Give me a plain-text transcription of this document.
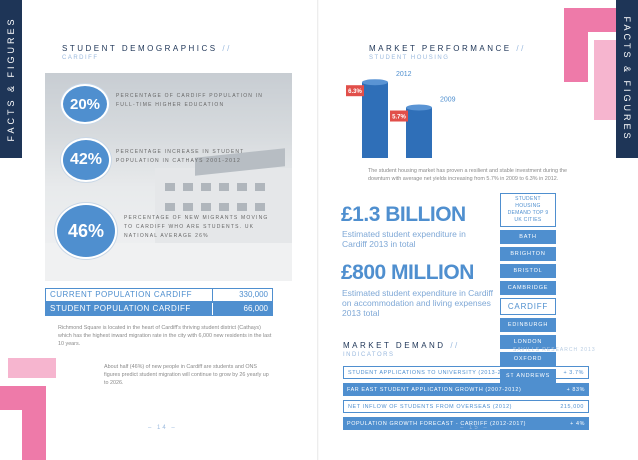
FACTS & FIGURES	STUDENT DEMOGRAPHICS //
CARDIFF
20%	PERCENTAGE OF CARDIFF POPULATION IN FULL-TIME HIGHER EDUCATION
42%	PERCENTAGE INCREASE IN STUDENT POPULATION IN CATHAYS 2001-2012
46%
PERCENTAGE OF NEW MIGRANTS MOVING TO CARDIFF WHO ARE STUDENTS. UK NATIONAL AVERAGE 26%
CURRENT POPULATION CARDIFF	330,000
STUDENT POPULATION CARDIFF	66,000
Richmond Square is located in the heart of Cardiff's thriving student district (Cathays) which has the highest inward migration rate in the city with 6,000 new residents in the last 10 years.
About half (46%) of new people in Cardiff are students and ONS figures predict student migration will continue to grow by 26 yearly up to 2026.
– 14 –
FACTS & FIGURES
MARKET PERFORMANCE //
STUDENT HOUSING
6.3%
2012
5.7%
2009
The student housing market has proven a resilient and stable investment during the downturn with average net yields increasing from 5.7% in 2009 to 6.3% in 2012.
£1.3 BILLION
Estimated student expenditure in Cardiff 2013 in total
£800 MILLION
Estimated student expenditure in Cardiff on accommodation and living expenses 2013 total
STUDENT HOUSING DEMAND TOP 9 UK CITIES
BATH
BRIGHTON
BRISTOL
CAMBRIDGE
CARDIFF
EDINBURGH
LONDON
OXFORD
ST ANDREWS
SAVILLS RESEARCH 2013
MARKET DEMAND //
INDICATORS
STUDENT APPLICATIONS TO UNIVERSITY (2013-2014)	+ 3.7%
FAR EAST STUDENT APPLICATION GROWTH (2007-2012)	+ 83%
NET INFLOW OF STUDENTS FROM OVERSEAS (2012)	215,000
POPULATION GROWTH FORECAST - CARDIFF (2012-2017)	+ 4%
– 15 –
